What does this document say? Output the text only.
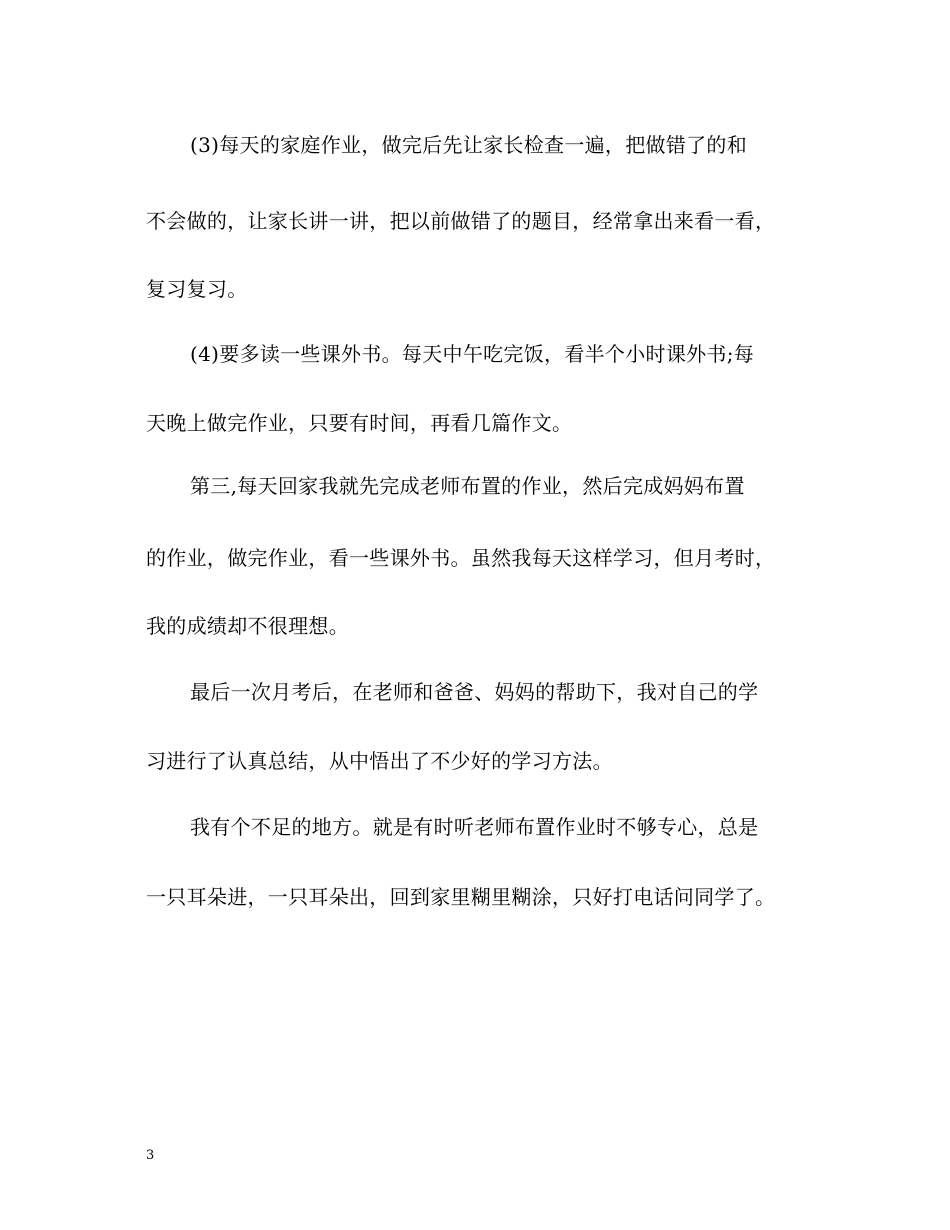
(3)每天的家庭作业，做完后先让家长检查一遍，把做错了的和
不会做的，让家长讲一讲，把以前做错了的题目，经常拿出来看一看，
复习复习。
(4)要多读一些课外书。每天中午吃完饭，看半个小时课外书;每
天晚上做完作业，只要有时间，再看几篇作文。
第三,每天回家我就先完成老师布置的作业，然后完成妈妈布置
的作业，做完作业，看一些课外书。虽然我每天这样学习，但月考时，
我的成绩却不很理想。
最后一次月考后，在老师和爸爸、妈妈的帮助下，我对自己的学
习进行了认真总结，从中悟出了不少好的学习方法。
我有个不足的地方。就是有时听老师布置作业时不够专心，总是
一只耳朵进，一只耳朵出，回到家里糊里糊涂，只好打电话问同学了。
3
